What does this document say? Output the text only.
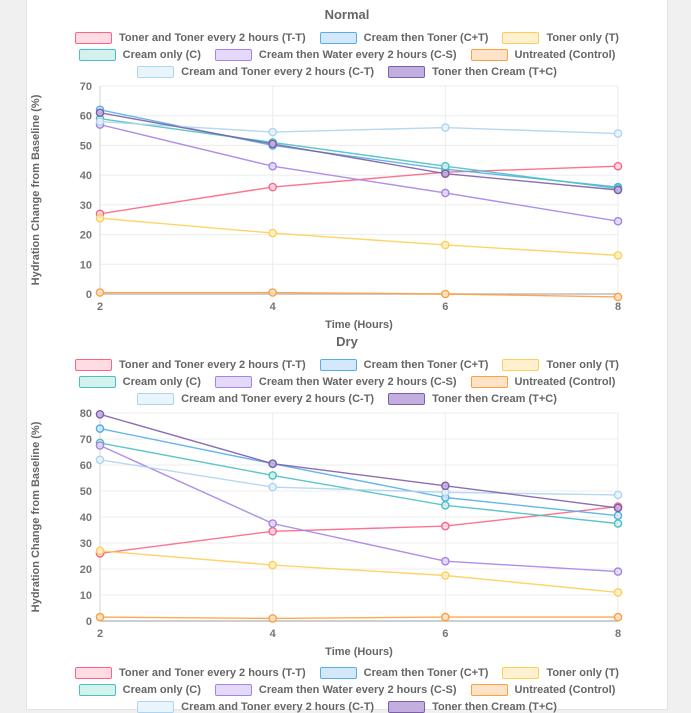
Normal
Toner and Toner every 2 hours (T-T)	Cream then Toner (C+T)	Toner only (T)
Cream only (C)	Cream then Water every 2 hours (C-S)	Untreated (Control)
Cream and Toner every 2 hours (C-T)	Toner then Cream (T+C)
0
10
20
30
40
50
60
70
2	4	6	8
Time (Hours)
Hydration Change from Baseline (%)
Dry
Toner and Toner every 2 hours (T-T)	Cream then Toner (C+T)	Toner only (T)
Cream only (C)	Cream then Water every 2 hours (C-S)	Untreated (Control)
Cream and Toner every 2 hours (C-T)	Toner then Cream (T+C)
0
10
20
30
40
50
60
70
80
2	4	6	8
Time (Hours)
Hydration Change from Baseline (%)
Toner and Toner every 2 hours (T-T)	Cream then Toner (C+T)	Toner only (T)
Cream only (C)	Cream then Water every 2 hours (C-S)	Untreated (Control)
Cream and Toner every 2 hours (C-T)	Toner then Cream (T+C)
